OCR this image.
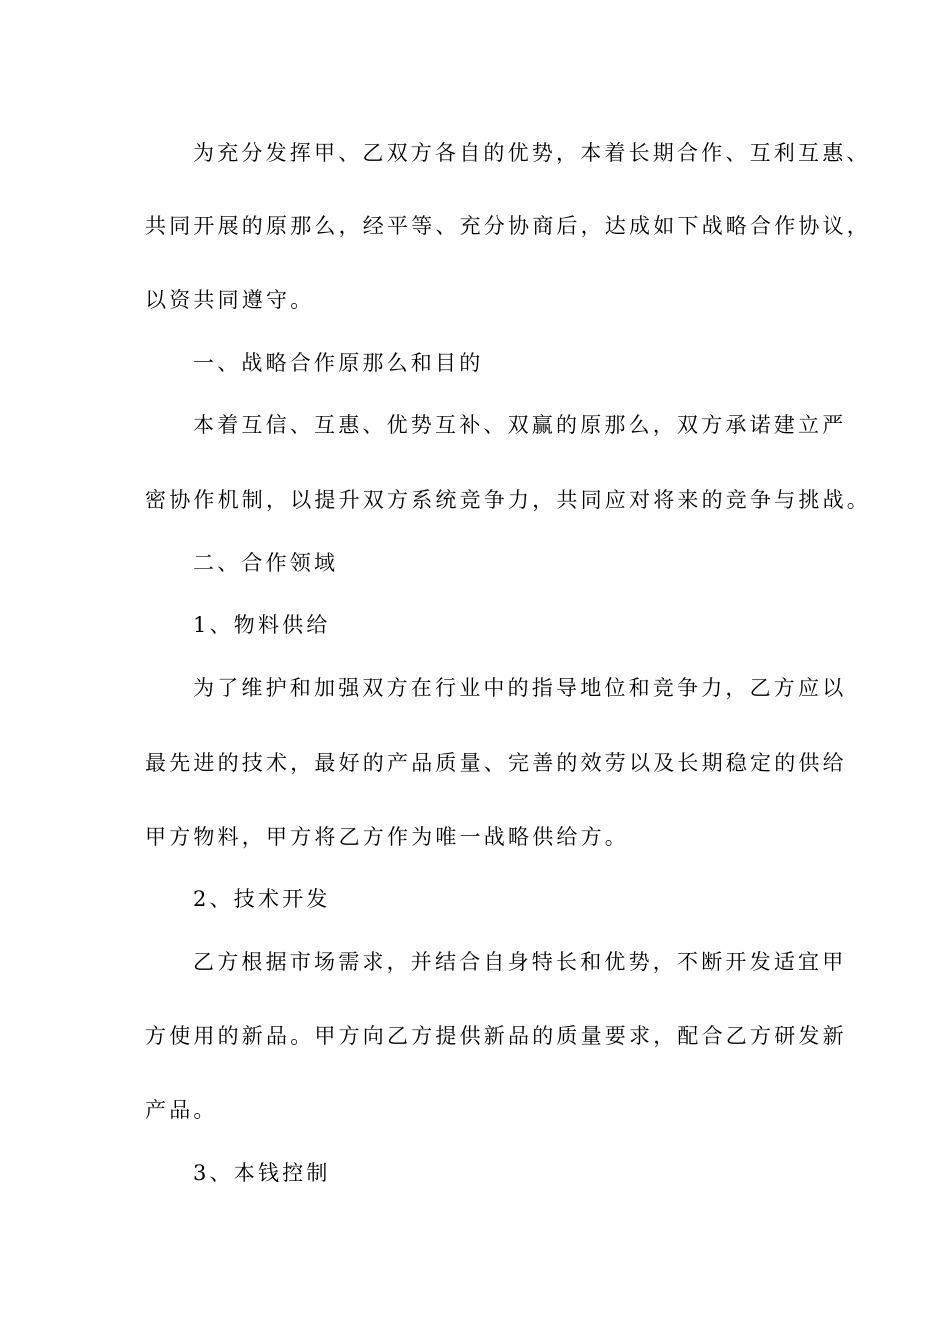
为充分发挥甲、乙双方各自的优势，本着长期合作、互利互惠、
共同开展的原那么，经平等、充分协商后，达成如下战略合作协议，
以资共同遵守。
一、战略合作原那么和目的
本着互信、互惠、优势互补、双赢的原那么，双方承诺建立严
密协作机制，以提升双方系统竞争力，共同应对将来的竞争与挑战。
二、合作领域
1、物料供给
为了维护和加强双方在行业中的指导地位和竞争力，乙方应以
最先进的技术，最好的产品质量、完善的效劳以及长期稳定的供给
甲方物料，甲方将乙方作为唯一战略供给方。
2、技术开发
乙方根据市场需求，并结合自身特长和优势，不断开发适宜甲
方使用的新品。甲方向乙方提供新品的质量要求，配合乙方研发新
产品。
3、本钱控制
